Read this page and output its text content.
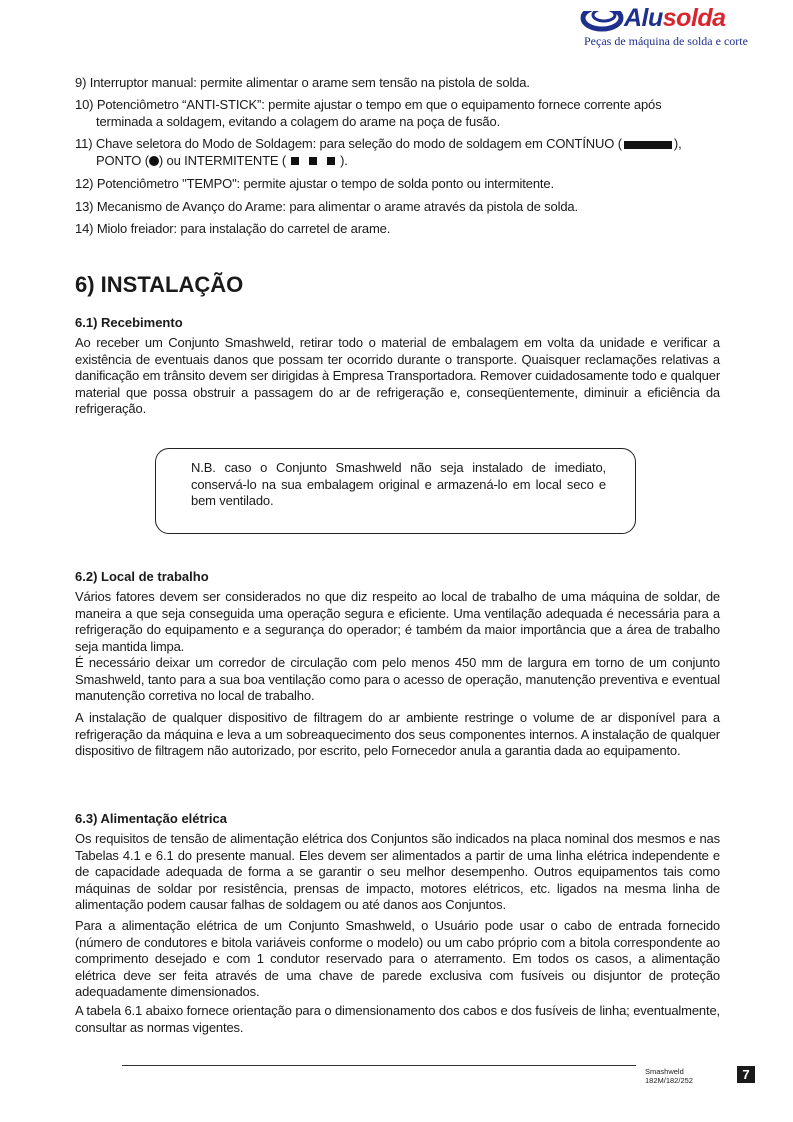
Alusolda
Peças de máquina de solda e corte
9) Interruptor manual: permite alimentar o arame sem tensão na pistola de solda.
10) Potenciômetro “ANTI-STICK”: permite ajustar o tempo em que o equipamento fornece corrente após
terminada a soldagem, evitando a colagem do arame na poça de fusão.
11) Chave seletora do Modo de Soldagem: para seleção do modo de soldagem em CONTÍNUO (	),
PONTO ( ) ou INTERMITENTE (	).
12) Potenciômetro "TEMPO": permite ajustar o tempo de solda ponto ou intermitente.
13) Mecanismo de Avanço do Arame: para alimentar o arame através da pistola de solda.
14) Miolo freiador: para instalação do carretel de arame.
6) INSTALAÇÃO
6.1) Recebimento
Ao receber um Conjunto Smashweld, retirar todo o material de embalagem em volta da unidade e verificar a existência de eventuais danos que possam ter ocorrido durante o transporte. Quaisquer reclamações relativas a danificação em trânsito devem ser dirigidas à Empresa Transportadora. Remover cuidadosamente todo e qualquer material que possa obstruir a passagem do ar de refrigeração e, conseqüentemente, diminuir a eficiência da refrigeração.

N.B. caso o Conjunto Smashweld não seja instalado de imediato, conservá-lo na sua embalagem original e armazená-lo em local seco e bem ventilado.

6.2) Local de trabalho
Vários fatores devem ser considerados no que diz respeito ao local de trabalho de uma máquina de soldar, de maneira a que seja conseguida uma operação segura e eficiente. Uma ventilação adequada é necessária para a refrigeração do equipamento e a segurança do operador; é também da maior importância que a área de trabalho seja mantida limpa.
É necessário deixar um corredor de circulação com pelo menos 450 mm de largura em torno de um conjunto Smashweld, tanto para a sua boa ventilação como para o acesso de operação, manutenção preventiva e eventual manutenção corretiva no local de trabalho.
A instalação de qualquer dispositivo de filtragem do ar ambiente restringe o volume de ar disponível para a refrigeração da máquina e leva a um sobreaquecimento dos seus componentes internos. A instalação de qualquer dispositivo de filtragem não autorizado, por escrito, pelo Fornecedor anula a garantia dada ao equipamento.
6.3) Alimentação elétrica
Os requisitos de tensão de alimentação elétrica dos Conjuntos são indicados na placa nominal dos mesmos e nas Tabelas 4.1 e 6.1 do presente manual. Eles devem ser alimentados a partir de uma linha elétrica independente e de capacidade adequada de forma a se garantir o seu melhor desempenho. Outros equipamentos tais como máquinas de soldar por resistência, prensas de impacto, motores elétricos, etc. ligados na mesma linha de alimentação podem causar falhas de soldagem ou até danos aos Conjuntos.
Para a alimentação elétrica de um Conjunto Smashweld, o Usuário pode usar o cabo de entrada fornecido (número de condutores e bitola variáveis conforme o modelo) ou um cabo próprio com a bitola correspondente ao comprimento desejado e com 1 condutor reservado para o aterramento. Em todos os casos, a alimentação elétrica deve ser feita através de uma chave de parede exclusiva com fusíveis ou disjuntor de proteção adequadamente dimensionados.
A tabela 6.1 abaixo fornece orientação para o dimensionamento dos cabos e dos fusíveis de linha; eventualmente, consultar as normas vigentes.
Smashweld
182M/182/252	7
